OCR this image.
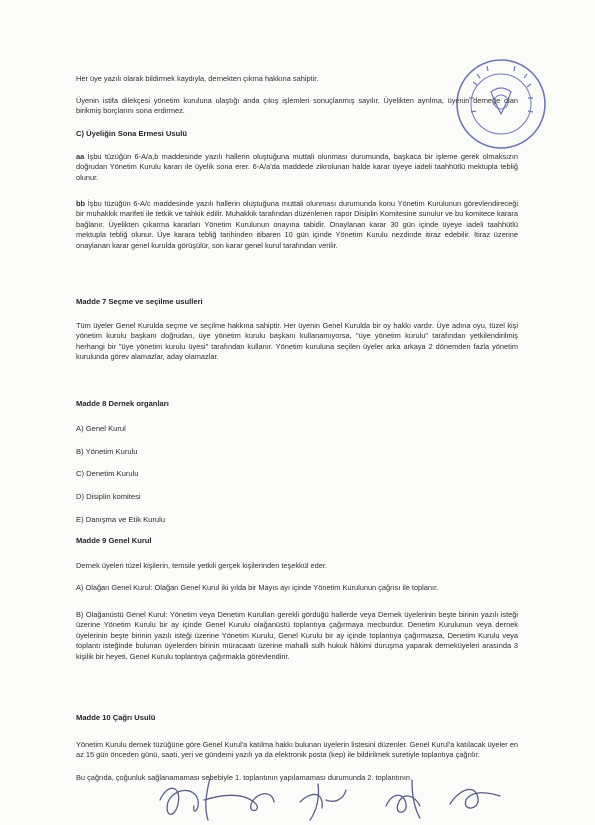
Her üye yazılı olarak bildirmek kaydıyla, dernekten çıkma hakkına sahiptir.

Üyenin istifa dilekçesi yönetim kuruluna ulaştığı anda çıkış işlemleri sonuçlanmış sayılır. Üyelikten ayrılma, üyenin derneğe olan birikmiş borçlarını sona erdirmez.

C) Üyeliğin Sona Ermesi Usulü

aa İşbu tüzüğün 6-A/a,b maddesinde yazılı hallerin oluştuğuna muttali olunması durumunda, başkaca bir işleme gerek olmaksızın doğrudan Yönetim Kurulu kararı ile üyelik sona erer. 6-A/a'da maddede zikrolunan halde karar üyeye iadeli taahhütlü mektupla tebliğ olunur.

bb İşbu tüzüğün 6-A/c maddesinde yazılı hallerin oluştuğuna muttali olunması durumunda konu Yönetim Kurulunun görevlendireceği bir muhakkik marifeti ile tetkik ve tahkik edilir. Muhakkik tarafından düzenlenen rapor Disiplin Komitesine sunulur ve bu komitece karara bağlanır. Üyelikten çıkarma kararları Yönetim Kurulunun onayına tabidir. Onaylanan karar 30 gün içinde üyeye iadeli taahhütlü mektupla tebliğ olunur. Üye karara tebliğ tarihinden itibaren 10 gün içinde Yönetim Kurulu nezdinde itiraz edebilir. İtiraz üzerine onaylanan karar genel kurulda görüşülür, son karar genel kurul tarafından verilir.

Madde 7 Seçme ve seçilme usulleri

Tüm üyeler Genel Kurulda seçme ve seçilme hakkına sahiptir. Her üyenin Genel Kurulda bir oy hakkı vardır. Üye adına oyu, tüzel kişi yönetim kurulu başkanı doğrudan, üye yönetim kurulu başkanı kullanamıyorsa, "üye yönetim kurulu" tarafından yetkilendirilmiş herhangi bir "üye yönetim kurulu üyesi" tarafından kullanır. Yönetim kuruluna seçilen üyeler arka arkaya 2 dönemden fazla yönetim kurulunda görev alamazlar, aday olamazlar.

Madde 8 Dernek organları

A) Genel Kurul

B) Yönetim Kurulu

C) Denetim Kurulu

D) Disiplin komitesi

E) Danışma ve Etik Kurulu

Madde 9 Genel Kurul

Dernek üyeleri tüzel kişilerin, temsile yetkili gerçek kişilerinden teşekkül eder.

A) Olağan Genel Kurul: Olağan Genel Kurul iki yılda bir Mayıs ayı içinde Yönetim Kurulunun çağrısı ile toplanır.

B) Olağanüstü Genel Kurul: Yönetim veya Denetim Kurulları gerekli gördüğü hallerde veya Dernek üyelerinin beşte birinin yazılı isteği üzerine Yönetim Kurulu bir ay içinde Genel Kurulu olağanüstü toplantıya çağırmaya mecburdur. Denetim Kurulunun veya dernek üyelerinin beşte birinin yazılı isteği üzerine Yönetim Kurulu, Genel Kurulu bir ay içinde toplantıya çağırmazsa, Denetim Kurulu veya toplantı isteğinde bulunan üyelerden birinin müracaatı üzerine mahalli sulh hukuk hâkimi duruşma yaparak derneküyeleri arasında 3 kişilik bir heyeti, Genel Kurulu toplantıya çağırmakla görevlendirir.

Madde 10 Çağrı Usulü

Yönetim Kurulu dernek tüzüğüne göre Genel Kurul'a katılma hakkı bulunan üyelerin listesini düzenler. Genel Kurul'a katılacak üyeler en az 15 gün önceden günü, saati, yeri ve gündemi yazılı ya da elektronik posta (kep) ile bildirilmek suretiyle toplantıya çağrılır.

Bu çağrıda, çoğunluk sağlanamaması sebebiyle 1. toplantının yapılamaması durumunda 2. toplantının
